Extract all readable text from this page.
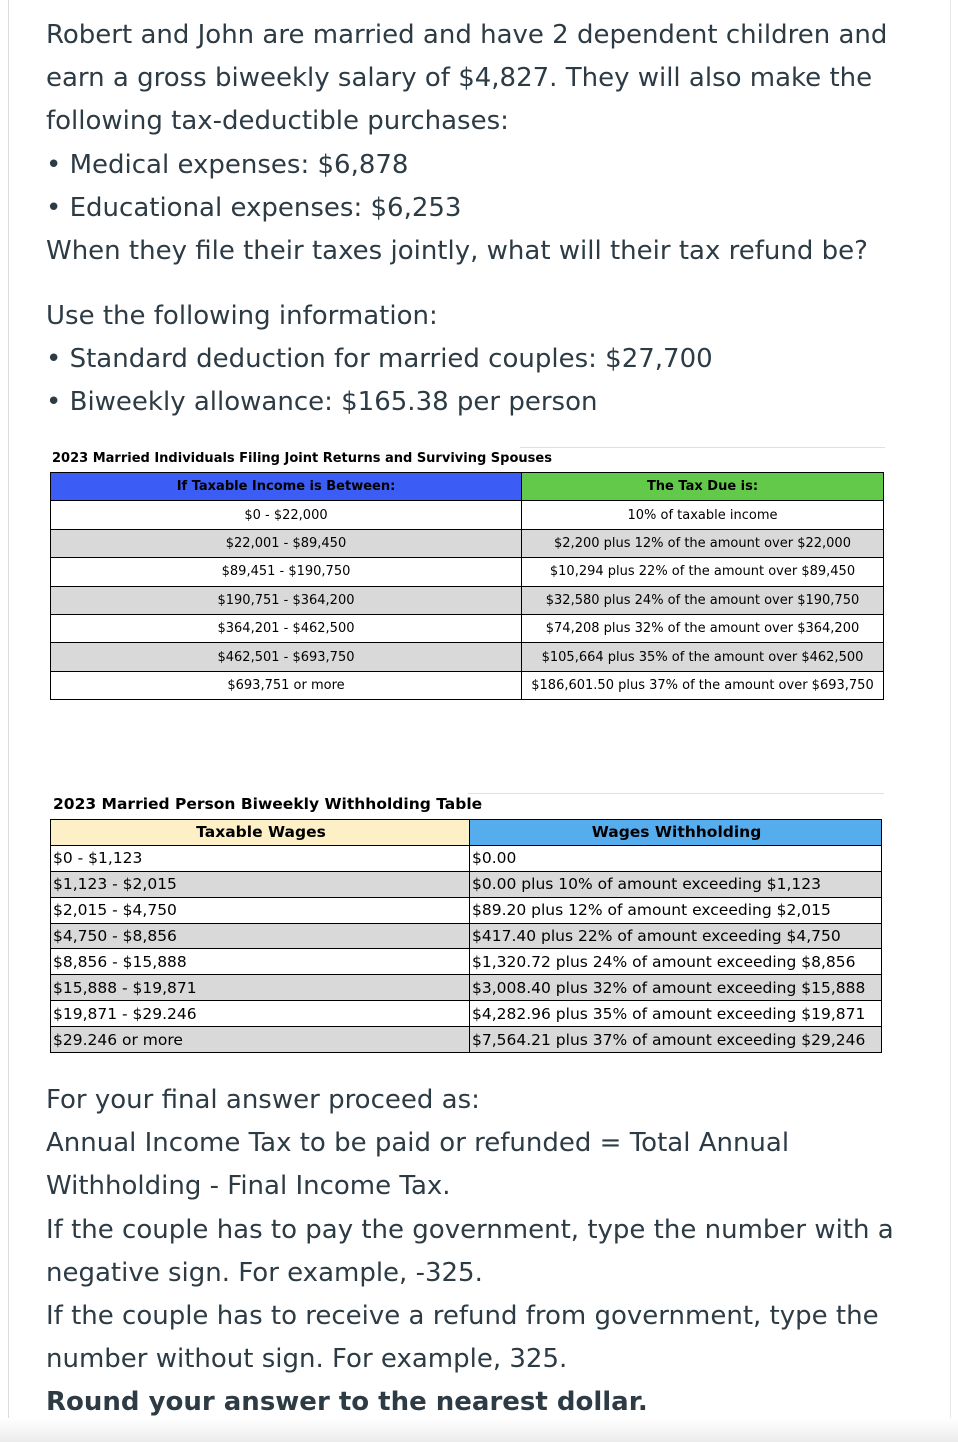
Robert and John are married and have 2 dependent children and

earn a gross biweekly salary of $4,827. They will also make the

following tax-deductible purchases:

• Medical expenses: $6,878

• Educational expenses: $6,253

When they file their taxes jointly, what will their tax refund be?

Use the following information:

• Standard deduction for married couples: $27,700

• Biweekly allowance: $165.38 per person

2023 Married Individuals Filing Joint Returns and Surviving Spouses
If Taxable Income is Between:	The Tax Due is:
$0 - $22,000	10% of taxable income
$22,001 - $89,450	$2,200 plus 12% of the amount over $22,000
$89,451 - $190,750	$10,294 plus 22% of the amount over $89,450
$190,751 - $364,200	$32,580 plus 24% of the amount over $190,750
$364,201 - $462,500	$74,208 plus 32% of the amount over $364,200
$462,501 - $693,750	$105,664 plus 35% of the amount over $462,500
$693,751 or more	$186,601.50 plus 37% of the amount over $693,750
2023 Married Person Biweekly Withholding Table
Taxable Wages	Wages Withholding
$0 - $1,123	$0.00
$1,123 - $2,015	$0.00 plus 10% of amount exceeding $1,123
$2,015 - $4,750	$89.20 plus 12% of amount exceeding $2,015
$4,750 - $8,856	$417.40 plus 22% of amount exceeding $4,750
$8,856 - $15,888	$1,320.72 plus 24% of amount exceeding $8,856
$15,888 - $19,871	$3,008.40 plus 32% of amount exceeding $15,888
$19,871 - $29.246	$4,282.96 plus 35% of amount exceeding $19,871
$29.246 or more	$7,564.21 plus 37% of amount exceeding $29,246

For your final answer proceed as:

Annual Income Tax to be paid or refunded = Total Annual

Withholding - Final Income Tax.

If the couple has to pay the government, type the number with a

negative sign. For example, -325.

If the couple has to receive a refund from government, type the

number without sign. For example, 325.

Round your answer to the nearest dollar.
